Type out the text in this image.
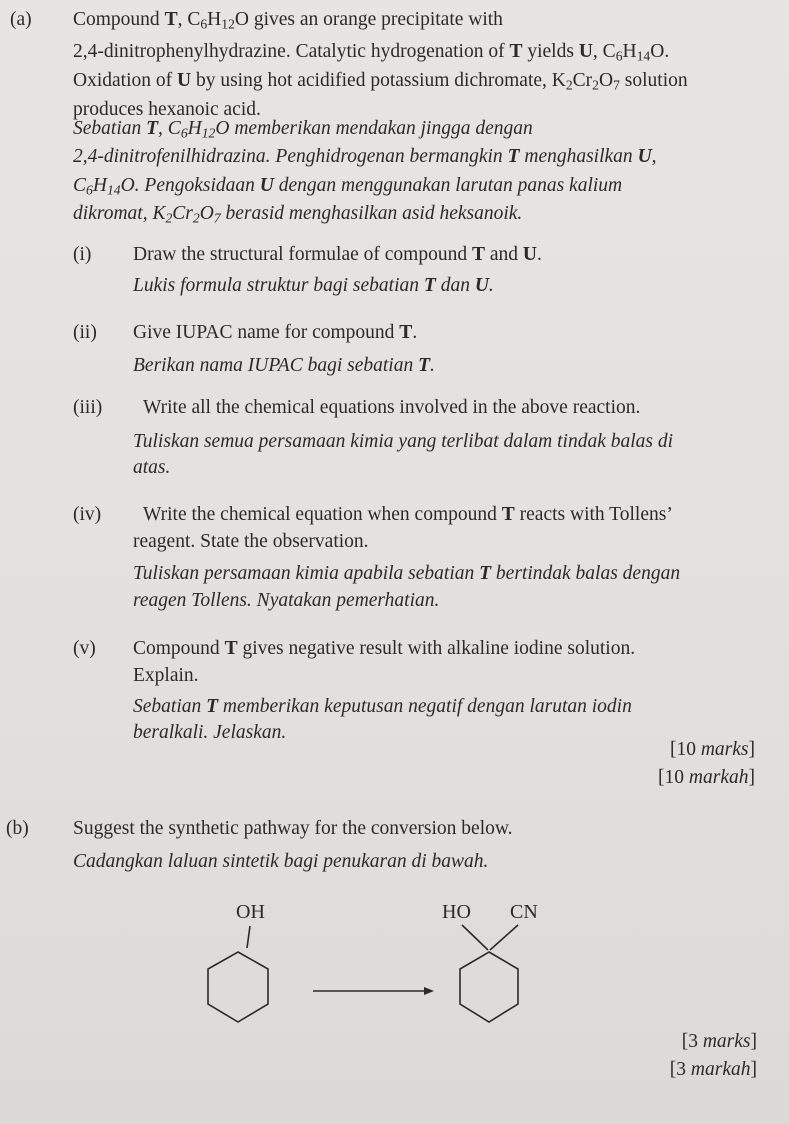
(a) Compound T, $C_6H_{12}O$ gives an orange precipitate with

2,4-dinitrophenylhydrazine. Catalytic hydrogenation of T yields U, $C_6H_{14}O$.

Oxidation of U by using hot acidified potassium dichromate, $K_2Cr_2O_7$ solution

produces hexanoic acid.

Sebatian T, $C_6H_{12}O$ memberikan mendakan jingga dengan

2,4-dinitrofenilhidrazina. Penghidrogenan bermangkin T menghasilkan U,

$C_6H_{14}O$. Pengoksidaan U dengan menggunakan larutan panas kalium

dikromat, $K_2Cr_2O_7$ berasid menghasilkan asid heksanoik.

(i) Draw the structural formulae of compound T and U.

Lukis formula struktur bagi sebatian T dan U.

(ii) Give IUPAC name for compound T.

Berikan nama IUPAC bagi sebatian T.

(iii) Write all the chemical equations involved in the above reaction.

Tuliskan semua persamaan kimia yang terlibat dalam tindak balas di

atas.

(iv) Write the chemical equation when compound T reacts with Tollens’

reagent. State the observation.

Tuliskan persamaan kimia apabila sebatian T bertindak balas dengan

reagen Tollens. Nyatakan pemerhatian.

(v) Compound T gives negative result with alkaline iodine solution.

Explain.

Sebatian T memberikan keputusan negatif dengan larutan iodin

beralkali. Jelaskan.

[10 marks]
[10 markah]
(b) Suggest the synthetic pathway for the conversion below.

Cadangkan laluan sintetik bagi penukaran di bawah.

OH	HO CN
[3 marks]
[3 markah]
